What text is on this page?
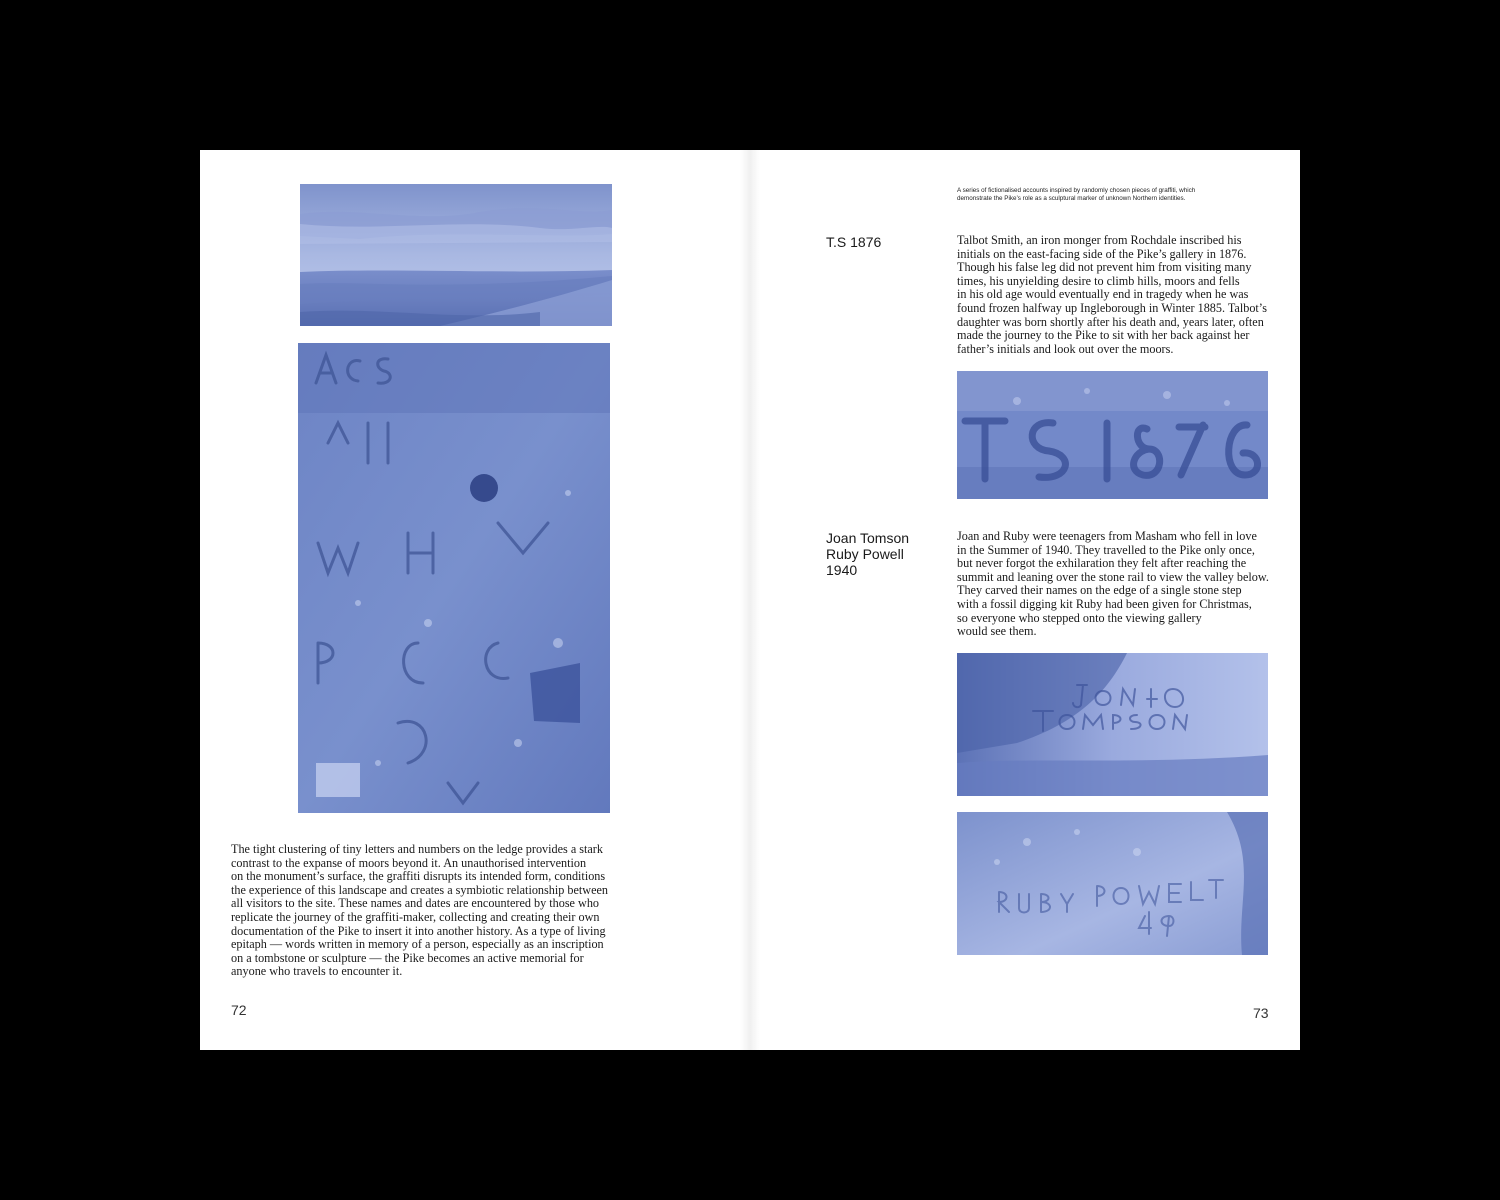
The tight clustering of tiny letters and numbers on the ledge provides a stark
contrast to the expanse of moors beyond it. An unauthorised intervention
on the monument’s surface, the graffiti disrupts its intended form, conditions
the experience of this landscape and creates a symbiotic relationship between
all visitors to the site. These names and dates are encountered by those who
replicate the journey of the graffiti-maker, collecting and creating their own
documentation of the Pike to insert it into another history. As a type of living
epitaph — words written in memory of a person, especially as an inscription
on a tombstone or sculpture — the Pike becomes an active memorial for
anyone who travels to encounter it.

72

A series of fictionalised accounts inspired by randomly chosen pieces of graffiti, which
demonstrate the Pike’s role as a sculptural marker of unknown Northern identities.

T.S 1876	Talbot Smith, an iron monger from Rochdale inscribed his
initials on the east-facing side of the Pike’s gallery in 1876.
Though his false leg did not prevent him from visiting many
times, his unyielding desire to climb hills, moors and fells
in his old age would eventually end in tragedy when he was
found frozen halfway up Ingleborough in Winter 1885. Talbot’s
daughter was born shortly after his death and, years later, often
made the journey to the Pike to sit with her back against her
father’s initials and look out over the moors.

Joan Tomson
Ruby Powell
1940

Joan and Ruby were teenagers from Masham who fell in love
in the Summer of 1940. They travelled to the Pike only once,
but never forgot the exhilaration they felt after reaching the
summit and leaning over the stone rail to view the valley below.
They carved their names on the edge of a single stone step
with a fossil digging kit Ruby had been given for Christmas,
so everyone who stepped onto the viewing gallery
would see them.

73
